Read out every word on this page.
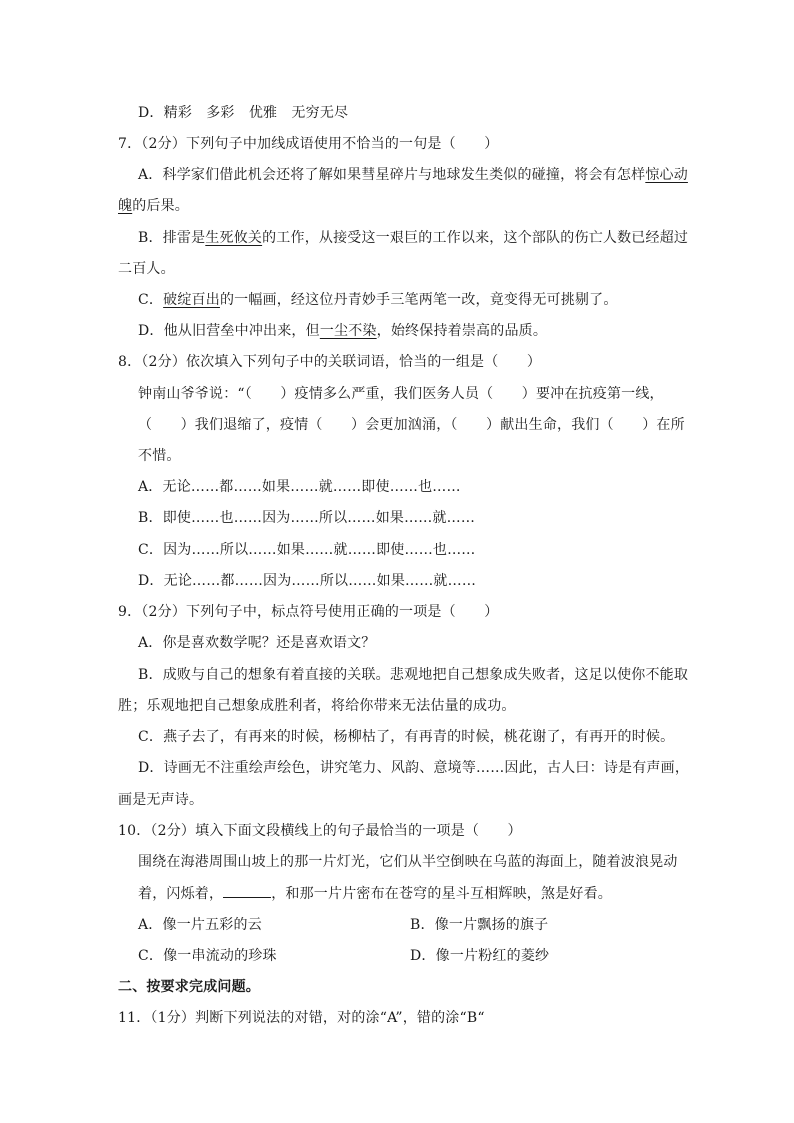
D．精彩　多彩　优雅　无穷无尽
7．（2分）下列句子中加线成语使用不恰当的一句是（　　）
A．科学家们借此机会还将了解如果彗星碎片与地球发生类似的碰撞，将会有怎样惊心动
魄的后果。
B．排雷是生死攸关的工作，从接受这一艰巨的工作以来，这个部队的伤亡人数已经超过
二百人。
C．破绽百出的一幅画，经这位丹青妙手三笔两笔一改，竟变得无可挑剔了。
D．他从旧营垒中冲出来，但一尘不染，始终保持着崇高的品质。
8．（2分）依次填入下列句子中的关联词语，恰当的一组是（　　）
钟南山爷爷说：“（　　）疫情多么严重，我们医务人员（　　）要冲在抗疫第一线，
（　　）我们退缩了，疫情（　　）会更加汹涌，（　　）献出生命，我们（　　）在所
不惜。
A．无论……都……如果……就……即使……也……
B．即使……也……因为……所以……如果……就……
C．因为……所以……如果……就……即使……也……
D．无论……都……因为……所以……如果……就……
9．（2分）下列句子中，标点符号使用正确的一项是（　　）
A．你是喜欢数学呢？还是喜欢语文？
B．成败与自己的想象有着直接的关联。悲观地把自己想象成失败者，这足以使你不能取
胜；乐观地把自己想象成胜利者，将给你带来无法估量的成功。
C．燕子去了，有再来的时候，杨柳枯了，有再青的时候，桃花谢了，有再开的时候。
D．诗画无不注重绘声绘色，讲究笔力、风韵、意境等……因此，古人曰：诗是有声画，
画是无声诗。
10．（2分）填入下面文段横线上的句子最恰当的一项是（　　）
围绕在海港周围山坡上的那一片灯光，它们从半空倒映在乌蓝的海面上，随着波浪晃动
着，闪烁着，	，和那一片片密布在苍穹的星斗互相辉映，煞是好看。
A．像一片五彩的云	B．像一片飘扬的旗子
C．像一串流动的珍珠	D．像一片粉红的菱纱
二、按要求完成问题。
11．（1分）判断下列说法的对错，对的涂“A”，错的涂“B“
